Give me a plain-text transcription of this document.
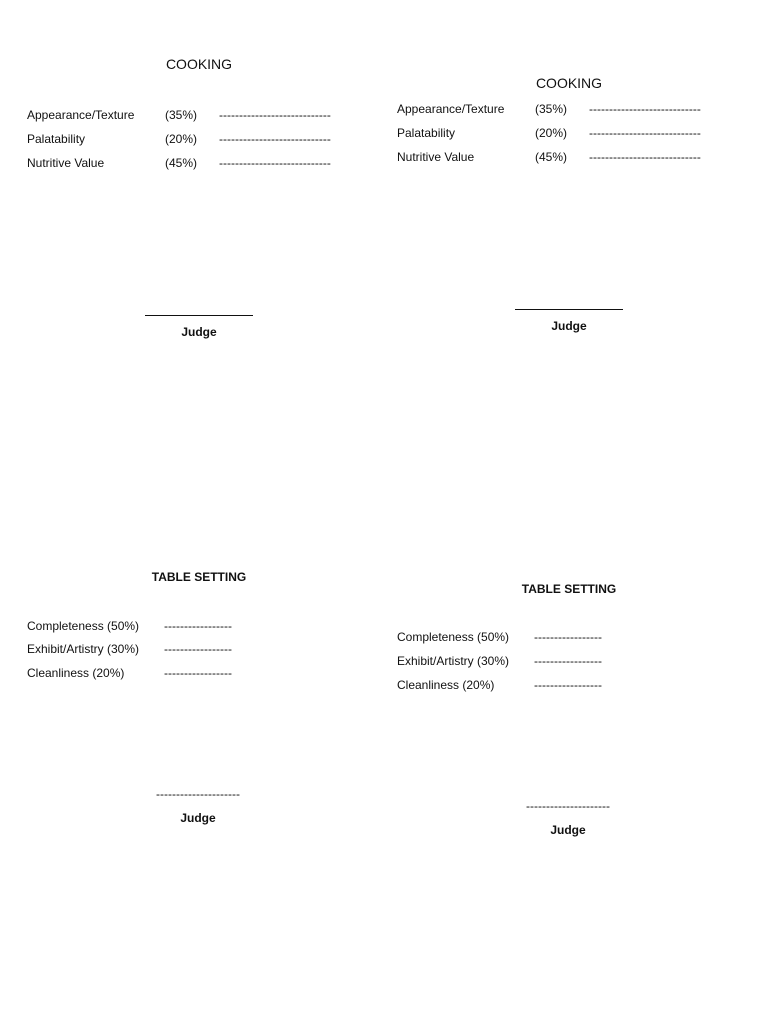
COOKING
Appearance/Texture	(35%) ----------------------------
Palatability	(20%) ----------------------------
Nutritive Value	(45%) ----------------------------
Judge
COOKING
Appearance/Texture	(35%) ----------------------------
Palatability	(20%) ----------------------------
Nutritive Value	(45%) ----------------------------
Judge
TABLE SETTING
Completeness (50%) -----------------
Exhibit/Artistry (30%) -----------------
Cleanliness (20%)	-----------------
---------------------
Judge
TABLE SETTING
Completeness (50%) -----------------
Exhibit/Artistry (30%) -----------------
Cleanliness (20%)	-----------------
---------------------
Judge
